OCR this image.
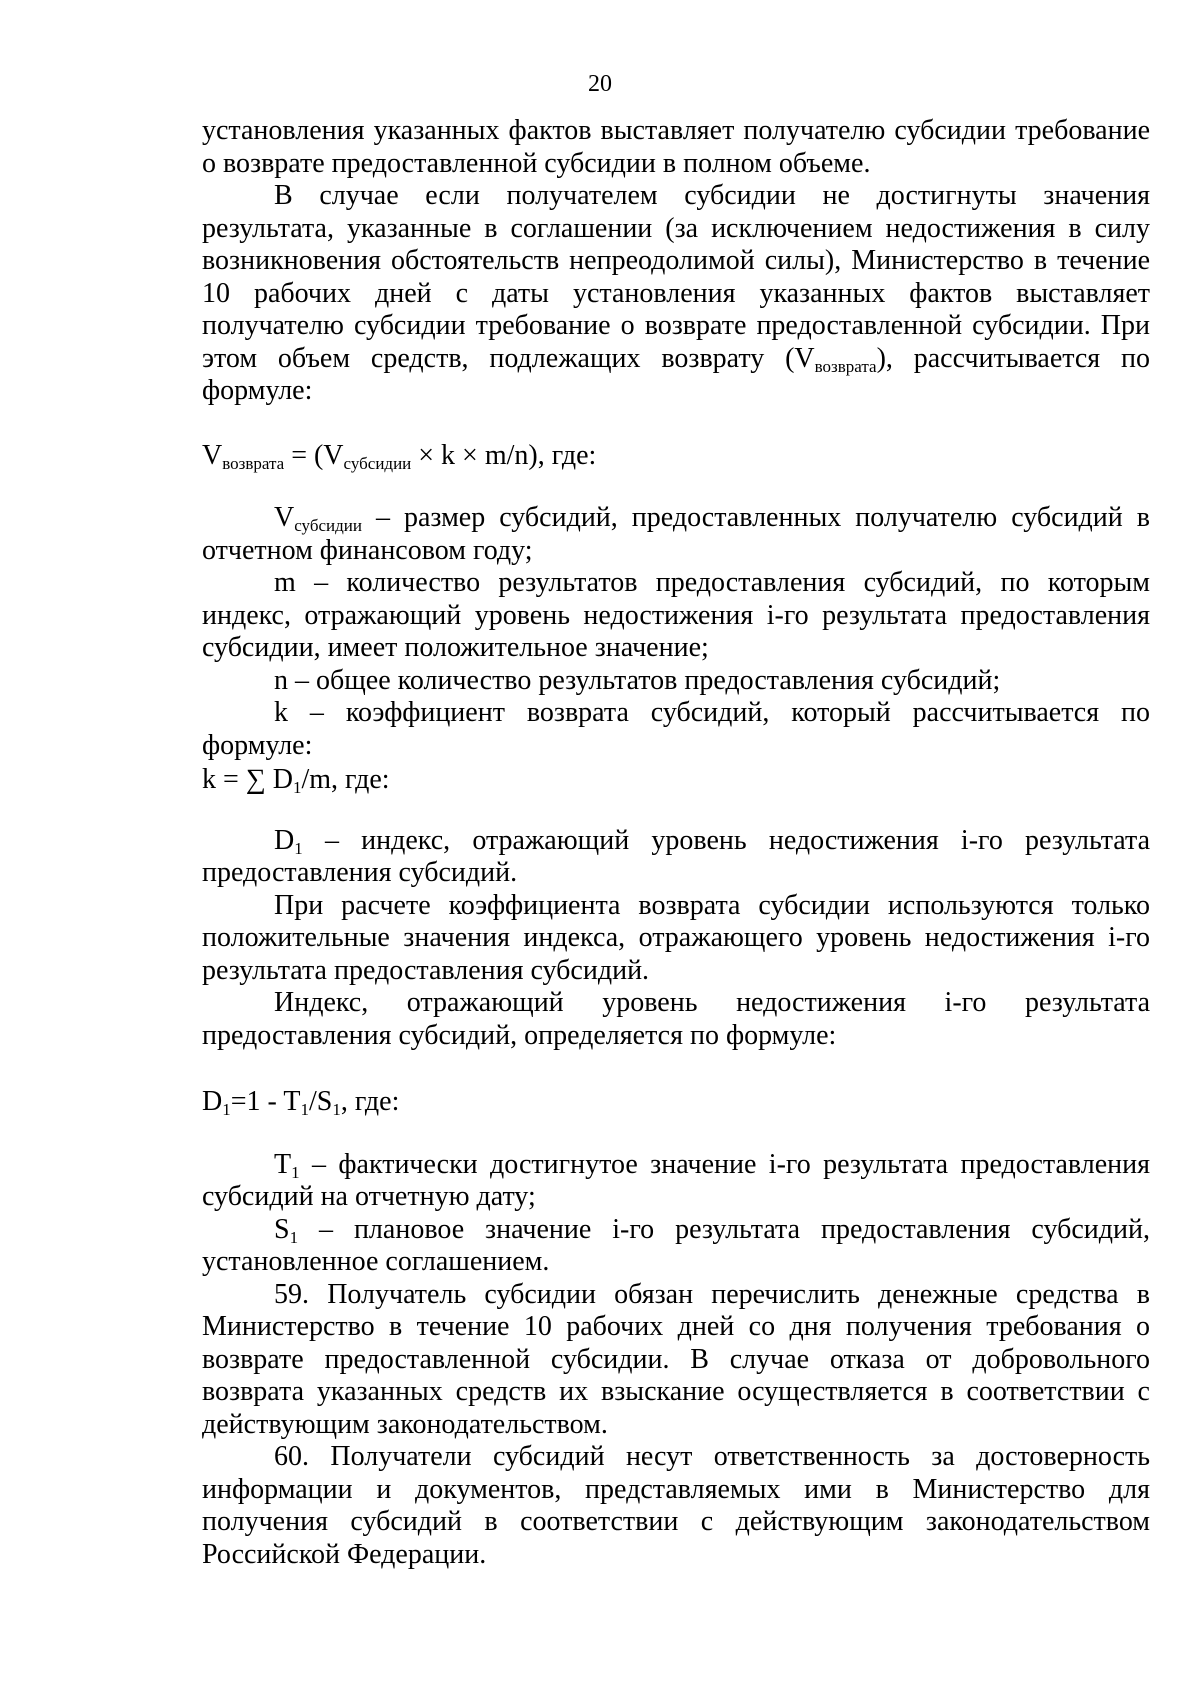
20

установления указанных фактов выставляет получателю субсидии требование о возврате предоставленной субсидии в полном объеме.

В случае если получателем субсидии не достигнуты значения результата, указанные в соглашении (за исключением недостижения в силу возникновения обстоятельств непреодолимой силы), Министерство в течение 10 рабочих дней с даты установления указанных фактов выставляет получателю субсидии требование о возврате предоставленной субсидии. При этом объем средств, подлежащих возврату $(V_{возврата})$, рассчитывается по формуле:

$V_{возврата} = (V_{субсидии} \times k \times m/n)$, где:

$V_{субсидии}$ – размер субсидий, предоставленных получателю субсидий в отчетном финансовом году;

m – количество результатов предоставления субсидий, по которым индекс, отражающий уровень недостижения i-го результата предоставления субсидии, имеет положительное значение;

n – общее количество результатов предоставления субсидий;

k – коэффициент возврата субсидий, который рассчитывается по формуле:

k = ∑ $D_1/m$, где:

$D_1$ – индекс, отражающий уровень недостижения i-го результата предоставления субсидий.

При расчете коэффициента возврата субсидии используются только положительные значения индекса, отражающего уровень недостижения i-го результата предоставления субсидий.

Индекс, отражающий уровень недостижения i-го результата предоставления субсидий, определяется по формуле:

$D_1=1 - T_1/S_1$, где:

$T_1$ – фактически достигнутое значение i-го результата предоставления субсидий на отчетную дату;

$S_1$ – плановое значение i-го результата предоставления субсидий, установленное соглашением.

59. Получатель субсидии обязан перечислить денежные средства в Министерство в течение 10 рабочих дней со дня получения требования о возврате предоставленной субсидии. В случае отказа от добровольного возврата указанных средств их взыскание осуществляется в соответствии с действующим законодательством.

60. Получатели субсидий несут ответственность за достоверность информации и документов, представляемых ими в Министерство для получения субсидий в соответствии с действующим законодательством Российской Федерации.
